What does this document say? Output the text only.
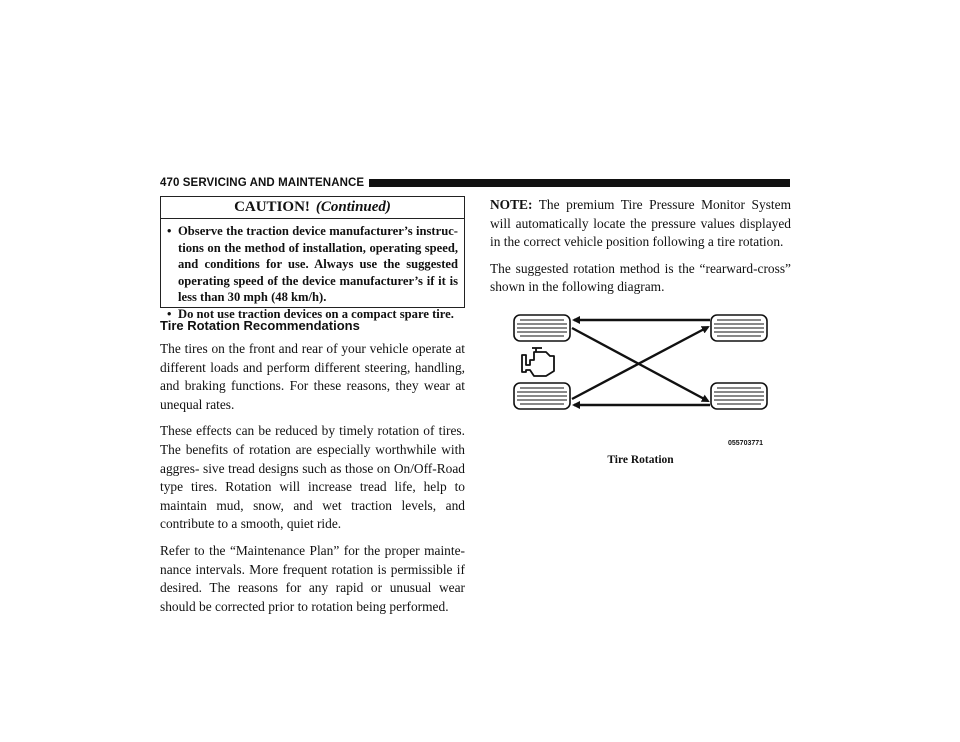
470 SERVICING AND MAINTENANCE
CAUTION! (Continued)
• Observe the traction device manufacturer’s instruc- tions on the method of installation, operating speed, and conditions for use. Always use the suggested operating speed of the device manufacturer’s if it is less than 30 mph (48 km/h).
• Do not use traction devices on a compact spare tire.
Tire Rotation Recommendations

The tires on the front and rear of your vehicle operate at different loads and perform different steering, handling, and braking functions. For these reasons, they wear at unequal rates.

These effects can be reduced by timely rotation of tires. The benefits of rotation are especially worthwhile with aggres- sive tread designs such as those on On/Off-Road type tires. Rotation will increase tread life, help to maintain mud, snow, and wet traction levels, and contribute to a smooth, quiet ride.

Refer to the “Maintenance Plan” for the proper mainte- nance intervals. More frequent rotation is permissible if desired. The reasons for any rapid or unusual wear should be corrected prior to rotation being performed.

NOTE: The premium Tire Pressure Monitor System will automatically locate the pressure values displayed in the correct vehicle position following a tire rotation.

The suggested rotation method is the “rearward-cross” shown in the following diagram.

055703771
Tire Rotation
